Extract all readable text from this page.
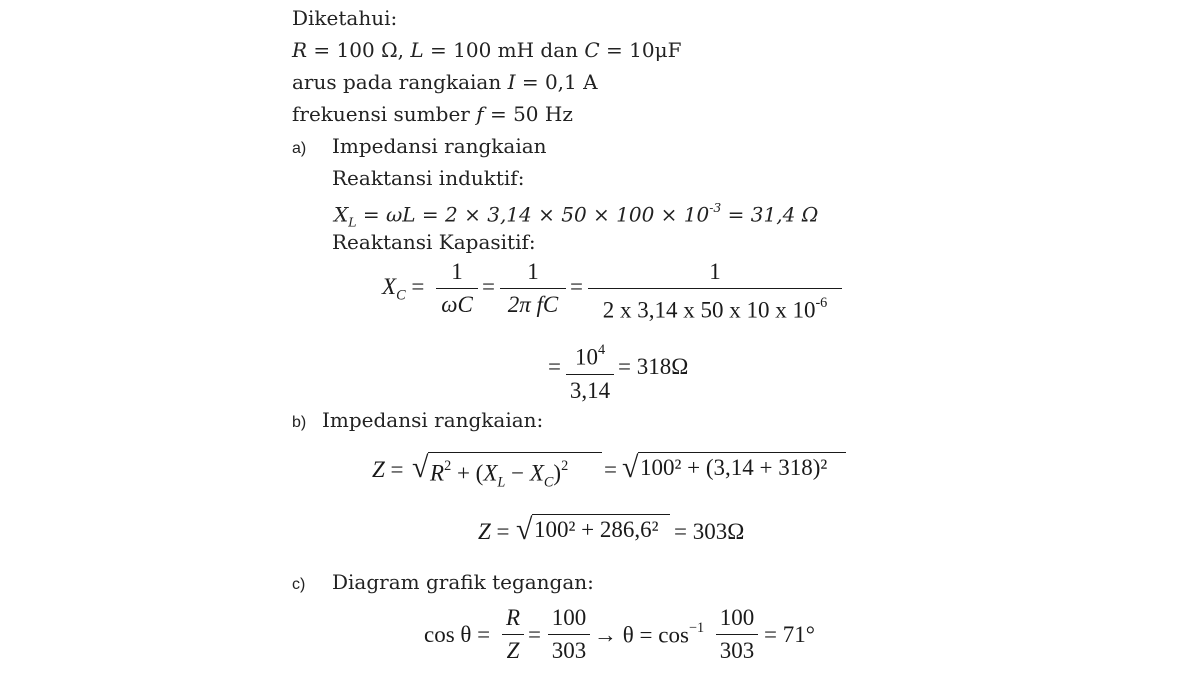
Diketahui:
R = 100 Ω, L = 100 mH dan C = 10μF
arus pada rangkaian I = 0,1 A
frekuensi sumber f = 50 Hz
a) Impedansi rangkaian
Reaktansi induktif:
$X_L = \omega L = 2 \times 3,14 \times 50 \times 100 \times 10^{-3} = 31,4$ Ω
Reaktansi Kapasitif:
$X_C$ =
1
ωC
=
1
2π fC
=
1
2 x 3,14 x 50 x 10 x $10^{-6}$
= $10^4$
3,14
= 318Ω
b) Impedansi rangkaian:
Z = √ $R^2 + (X_L - X_C)^2$	= √ 100² + (3,14 + 318)²
Z = √ 100² + 286,6² = 303Ω
c) Diagram grafik tegangan:
cos θ =
R
Z
=
100
303
→ $\theta = \cos^{-1} 100$
303
= 71°
